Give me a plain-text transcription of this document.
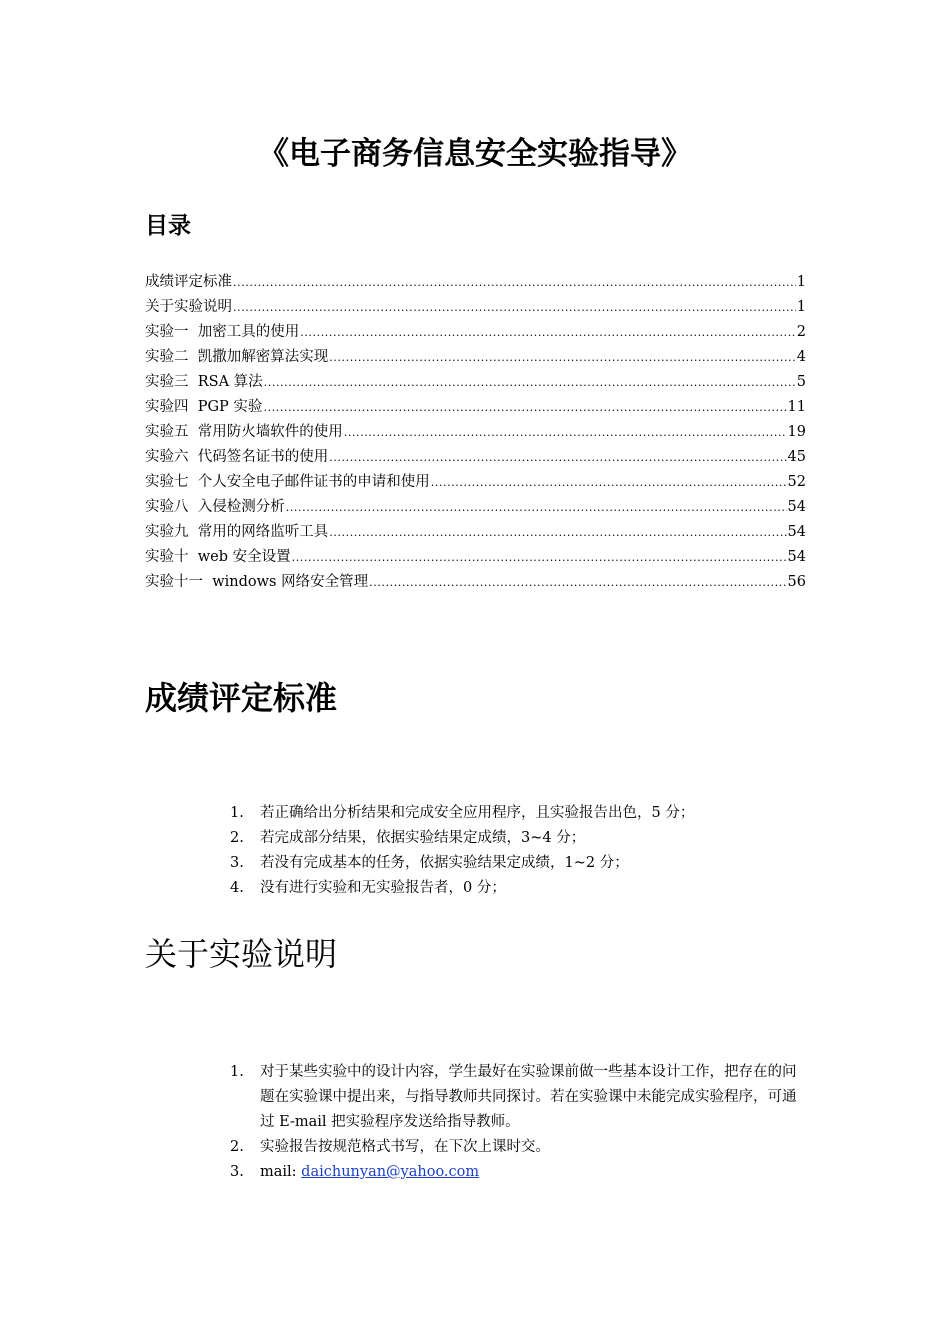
《电子商务信息安全实验指导》
目录
成绩评定标准 .....	1
关于实验说明 .....	1
实验一  加密工具的使用 .....	2
实验二  凯撒加解密算法实现 .....	4
实验三  RSA 算法 .....	5
实验四  PGP 实验 .....	11
实验五  常用防火墙软件的使用 .....	19
实验六  代码签名证书的使用 .....	45
实验七  个人安全电子邮件证书的申请和使用 .....	52
实验八  入侵检测分析 .....	54
实验九  常用的网络监听工具 .....	54
实验十  web 安全设置 .....	54
实验十一  windows 网络安全管理 .....	56
成绩评定标准
1.	若正确给出分析结果和完成安全应用程序，且实验报告出色，5 分；
2.	若完成部分结果，依据实验结果定成绩，3~4 分；
3.	若没有完成基本的任务，依据实验结果定成绩，1~2 分；
4.	没有进行实验和无实验报告者，0 分；
关于实验说明
1.	对于某些实验中的设计内容，学生最好在实验课前做一些基本设计工作，把存在的问题在实验课中提出来，与指导教师共同探讨。若在实验课中未能完成实验程序，可通过 E-mail 把实验程序发送给指导教师。
2.	实验报告按规范格式书写，在下次上课时交。
3.	mail: daichunyan@yahoo.com
